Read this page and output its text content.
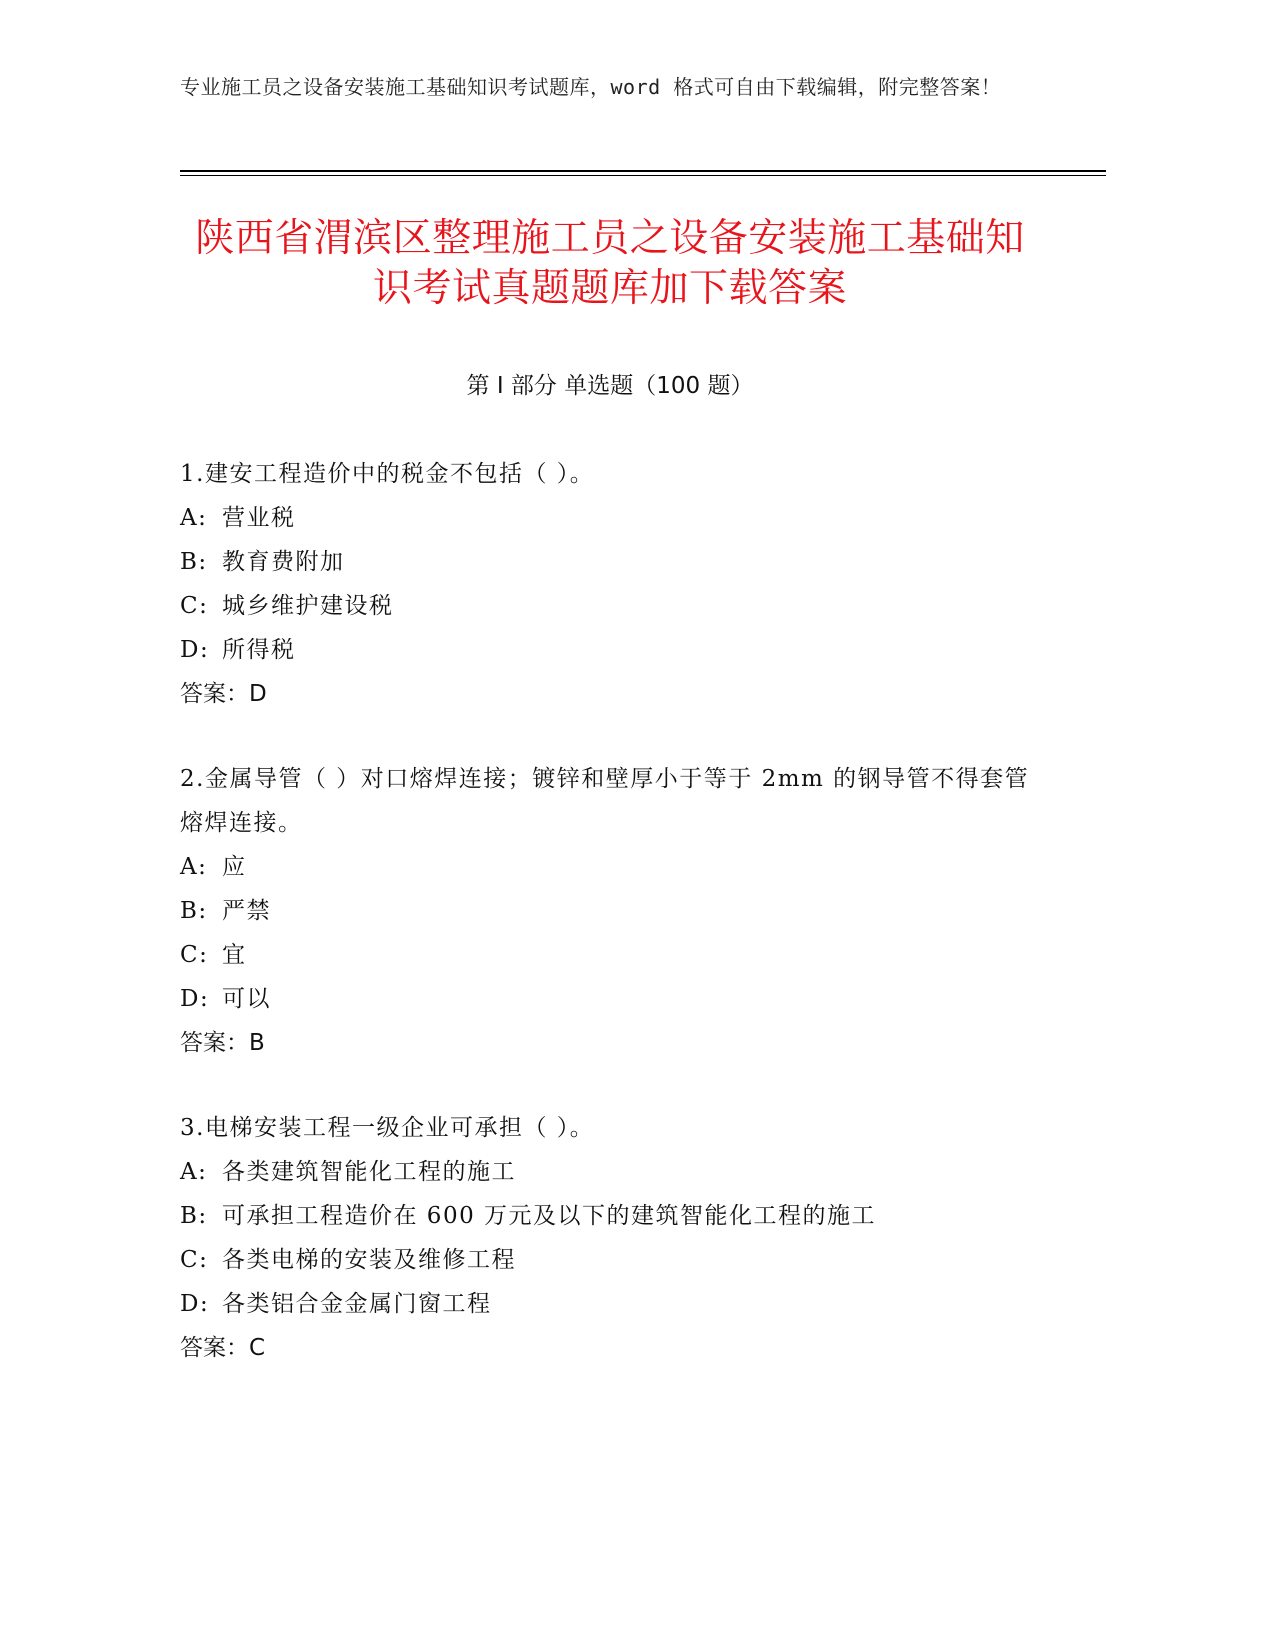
专业施工员之设备安装施工基础知识考试题库，word 格式可自由下载编辑，附完整答案！
陕西省渭滨区整理施工员之设备安装施工基础知识考试真题题库加下载答案
第 I 部分 单选题（100 题）

1.建安工程造价中的税金不包括（ ）。

A: 营业税

B: 教育费附加

C: 城乡维护建设税

D: 所得税

答案：D

2.金属导管（ ）对口熔焊连接；镀锌和壁厚小于等于 2mm 的钢导管不得套管熔焊连接。

A: 应

B: 严禁

C: 宜

D: 可以

答案：B

3.电梯安装工程一级企业可承担（ ）。

A: 各类建筑智能化工程的施工

B: 可承担工程造价在 600 万元及以下的建筑智能化工程的施工

C: 各类电梯的安装及维修工程

D: 各类铝合金金属门窗工程

答案：C
